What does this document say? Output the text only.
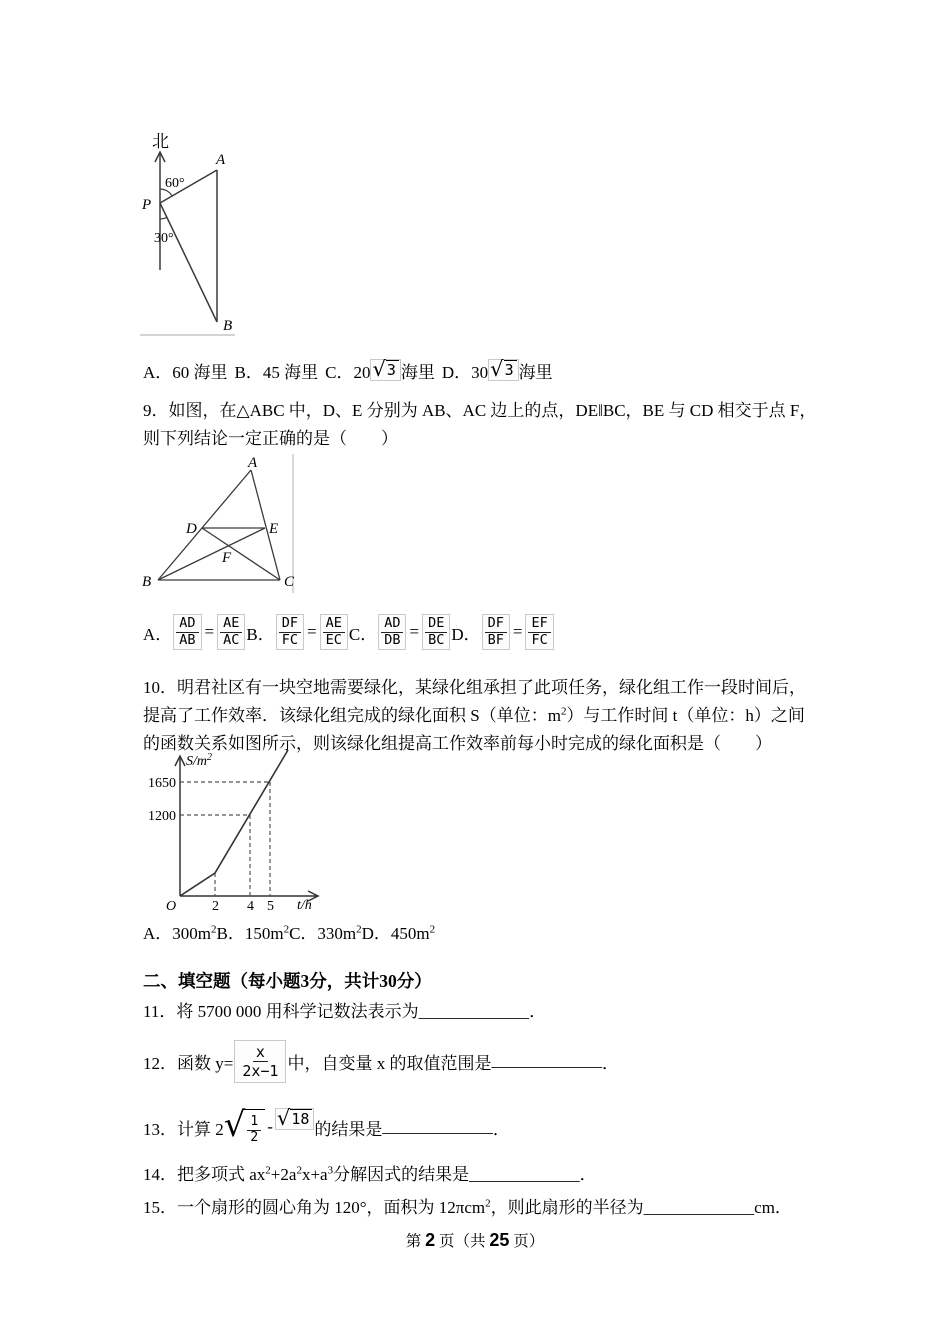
北
P
A
B
60°
30°
A．60 海里 B．45 海里 C．20 √ 3 海里 D．30 √ 3 海里
9．如图，在△ABC 中，D、E 分别为 AB、AC 边上的点，DE‖BC，BE 与 CD 相交于点 F，
则下列结论一定正确的是（　　）
A
B	C
D	E
F
A． $\frac{AD}{AB} = \frac{AE}{AC}$ B． $\frac{DF}{FC} = \frac{AE}{EC}$ C． $\frac{AD}{DB} = \frac{DE}{BC}$ D． $\frac{DF}{BF} = \frac{EF}{FC}$
10．明君社区有一块空地需要绿化，某绿化组承担了此项任务，绿化组工作一段时间后，
提高了工作效率．该绿化组完成的绿化面积 S（单位：$m^2$）与工作时间 t（单位：h）之间
的函数关系如图所示，则该绿化组提高工作效率前每小时完成的绿化面积是（　　）
$S/m^2$
1650
1200
O	2 4 5 t/h
A．$300m^2B$．$150m^2C$．$330m^2D$．$450m^2$
二、填空题（每小题3分，共计30分）
11．将 5700 000 用科学记数法表示为_____________．
12．函数 $y= \frac{x}{2x-1}$ 中，自变量 x 的取值范围是 _____________ ．
13．计算 2 √ $\frac{1}{2}$ - √ 18
的结果是 _____________ ．
14．把多项式 $ax^2+2a^2x+a^3$分解因式的结果是_____________．
15．一个扇形的圆心角为 120°，面积为 12πcm$^2$，则此扇形的半径为_____________cm．
第 2 页（共 25 页）
